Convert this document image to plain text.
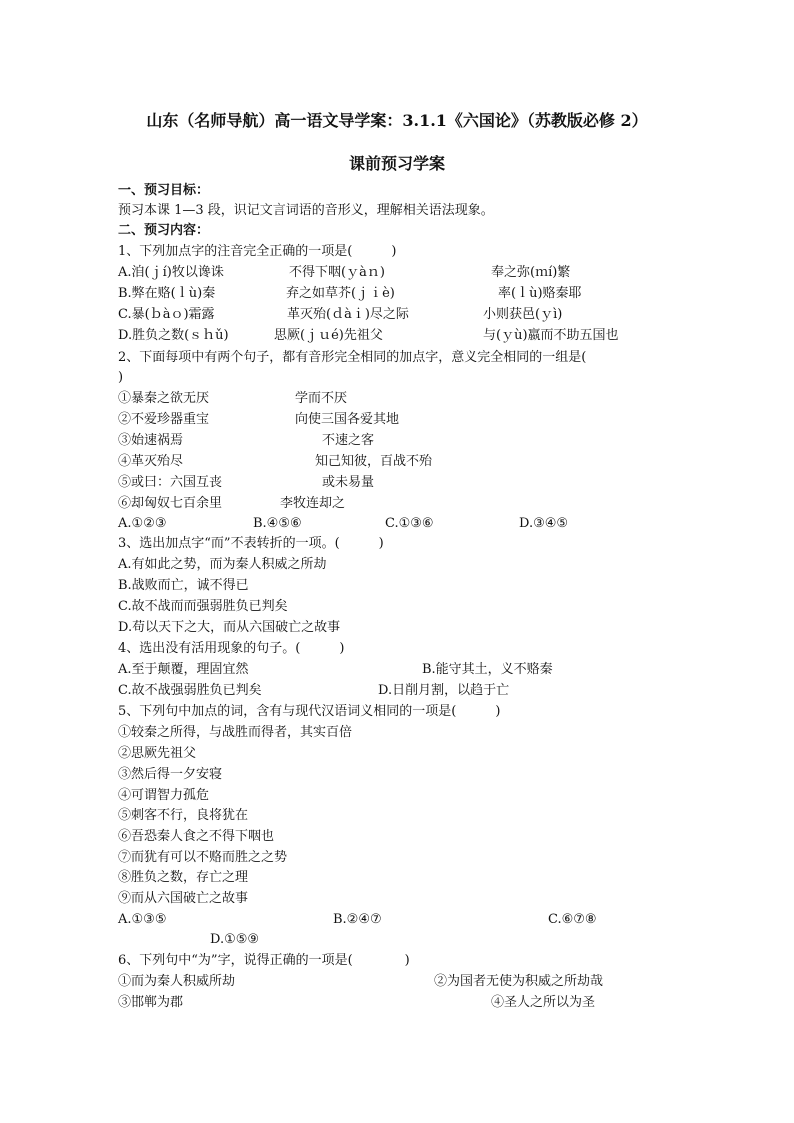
山东（名师导航）高一语文导学案：3.1.1《六国论》（苏教版必修 2）
课前预习学案
一、预习目标：
预习本课 1—3 段，识记文言词语的音形义，理解相关语法现象。
二、预习内容：
1、下列加点字的注音完全正确的一项是(　　　)
A.洎(ｊí)牧以谗诛	不得下咽(ｙàｎ)	奉之弥(ｍí)繁
B.弊在赂(ｌù)秦	弃之如草芥(ｊｉè)	率(ｌù)赂秦耶
C.暴(ｂàｏ)霜露	革灭殆(ｄàｉ)尽之际	小则获邑(ｙì)
D.胜负之数(ｓｈǔ)	思厥(ｊｕé)先祖父	与(ｙù)嬴而不助五国也
2、下面每项中有两个句子，都有音形完全相同的加点字，意义完全相同的一组是(
)
①暴秦之欲无厌	学而不厌
②不爱珍器重宝	向使三国各爱其地
③始速祸焉	不速之客
④革灭殆尽	知己知彼，百战不殆
⑤或曰：六国互丧	或未易量
⑥却匈奴七百余里	李牧连却之
A.①②③	B.④⑤⑥	C.①③⑥	D.③④⑤
3、选出加点字“而”不表转折的一项。(　　　)
A.有如此之势，而为秦人积威之所劫
B.战败而亡，诚不得已
C.故不战而而强弱胜负已判矣
D.苟以天下之大，而从六国破亡之故事
4、选出没有活用现象的句子。(　　　)
A.至于颠覆，理固宜然	B.能守其土，义不赂秦
C.故不战强弱胜负已判矣	D.日削月割，以趋于亡
5、下列句中加点的词，含有与现代汉语词义相同的一项是(　　　)
①较秦之所得，与战胜而得者，其实百倍
②思厥先祖父
③然后得一夕安寝
④可谓智力孤危
⑤刺客不行，良将犹在
⑥吾恐秦人食之不得下咽也
⑦而犹有可以不赂而胜之之势
⑧胜负之数，存亡之理
⑨而从六国破亡之故事
A.①③⑤	B.②④⑦	C.⑥⑦⑧
D.①⑤⑨
6、下列句中“为”字，说得正确的一项是(　　　　)
①而为秦人积威所劫	②为国者无使为积威之所劫哉
③邯郸为郡	④圣人之所以为圣
